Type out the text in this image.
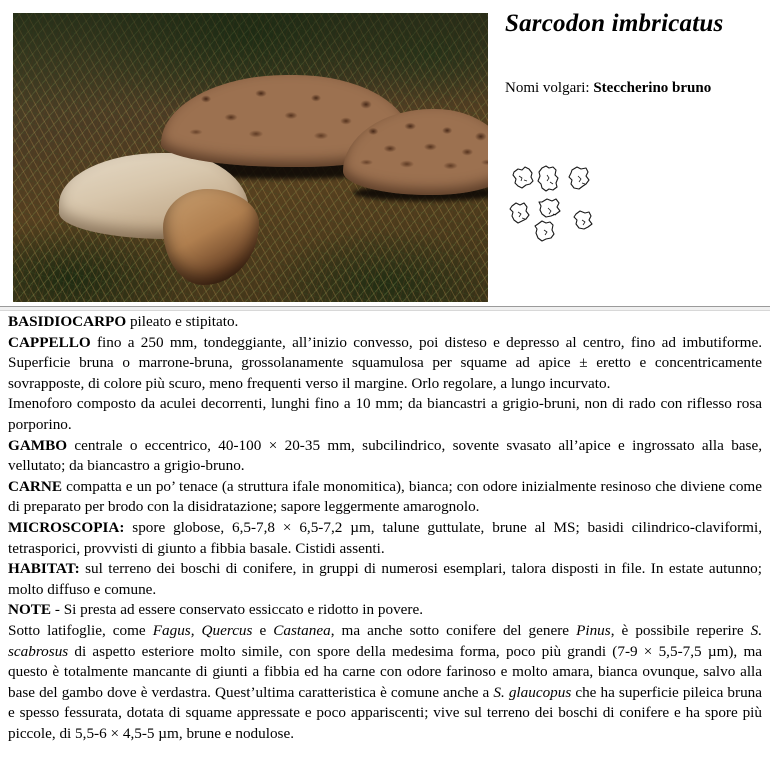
Sarcodon imbricatus
Nomi volgari: Steccherino bruno

BASIDIOCARPO pileato e stipitato.

CAPPELLO fino a 250 mm, tondeggiante, all’inizio convesso, poi disteso e depresso al centro, fino ad imbutiforme. Superficie bruna o marrone-bruna, grossolanamente squamulosa per squame ad apice ± eretto e concentricamente sovrapposte, di colore più scuro, meno frequenti verso il margine. Orlo regolare, a lungo incurvato.

Imenoforo composto da aculei decorrenti, lunghi fino a 10 mm; da biancastri a grigio-bruni, non di rado con riflesso rosa porporino.

GAMBO centrale o eccentrico, 40-100 × 20-35 mm, subcilindrico, sovente svasato all’apice e ingrossato alla base, vellutato; da biancastro a grigio-bruno.

CARNE compatta e un po’ tenace (a struttura ifale monomitica), bianca; con odore inizialmente resinoso che diviene come di preparato per brodo con la disidratazione; sapore leggermente amarognolo.

MICROSCOPIA: spore globose, 6,5-7,8 × 6,5-7,2 µm, talune guttulate, brune al MS; basidi cilindrico-claviformi, tetrasporici, provvisti di giunto a fibbia basale. Cistidi assenti.

HABITAT: sul terreno dei boschi di conifere, in gruppi di numerosi esemplari, talora disposti in file. In estate autunno; molto diffuso e comune.

NOTE - Si presta ad essere conservato essiccato e ridotto in povere.

Sotto latifoglie, come Fagus, Quercus e Castanea, ma anche sotto conifere del genere Pinus, è possibile reperire S. scabrosus di aspetto esteriore molto simile, con spore della medesima forma, poco più grandi (7-9 × 5,5-7,5 µm), ma questo è totalmente mancante di giunti a fibbia ed ha carne con odore farinoso e molto amara, bianca ovunque, salvo alla base del gambo dove è verdastra. Quest’ultima caratteristica è comune anche a S. glaucopus che ha superficie pileica bruna e spesso fessurata, dotata di squame appressate e poco appariscenti; vive sul terreno dei boschi di conifere e ha spore più piccole, di 5,5-6 × 4,5-5 µm, brune e nodulose.
